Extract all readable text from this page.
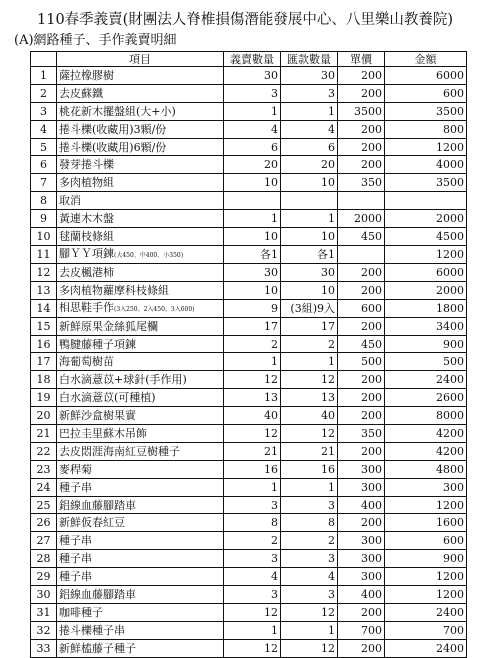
110春季義賣(財團法人脊椎損傷潛能發展中心、八里樂山教養院)
(A)網路種子、手作義賣明細
	項目	義賣數量	匯款數量	單價	金額
1	薩拉橡膠樹	30	30	200	6000
2	去皮蘇鐵	3	3	200	600
3	桃花新木擺盤組(大+小)	1	1	3500	3500
4	捲斗櫟(收藏用)3顆/份	4	4	200	800
5	捲斗櫟(收藏用)6顆/份	6	6	200	1200
6	發芽捲斗櫟	20	20	200	4000
7	多肉植物組	10	10	350	3500
8	取消				
9	黃連木木盤	1	1	2000	2000
10	毬蘭枝條組	10	10	450	4500
11	腳ＹＹ項鍊(大450、中400、小350)	各1	各1		1200
12	去皮楓港柿	30	30	200	6000
13	多肉植物蘿摩科枝條組	10	10	200	2000
14	相思鞋手作(3入250、2入450、3入600)	9	(3組)9入	600	1800
15	新鮮原果金絲狐尾欄	17	17	200	3400
16	鴨腱藤種子項鍊	2	2	450	900
17	海葡萄樹苗	1	1	500	500
18	白水滴薏苡+球針(手作用)	12	12	200	2400
19	白水滴薏苡(可種植)	13	13	200	2600
20	新鮮沙盒樹果實	40	40	200	8000
21	巴拉圭里蘇木吊飾	12	12	350	4200
22	去皮悶涯海南紅豆樹種子	21	21	200	4200
23	麥稈菊	16	16	300	4800
24	種子串	1	1	300	300
25	鋁線血藤腳踏車	3	3	400	1200
26	新鮮仮春紅豆	8	8	200	1600
27	種子串	2	2	300	600
28	種子串	3	3	300	900
29	種子串	4	4	300	1200
30	鋁線血藤腳踏車	3	3	400	1200
31	咖啡種子	12	12	200	2400
32	捲斗櫟種子串	1	1	700	700
33	新鮮榼藤子種子	12	12	200	2400
